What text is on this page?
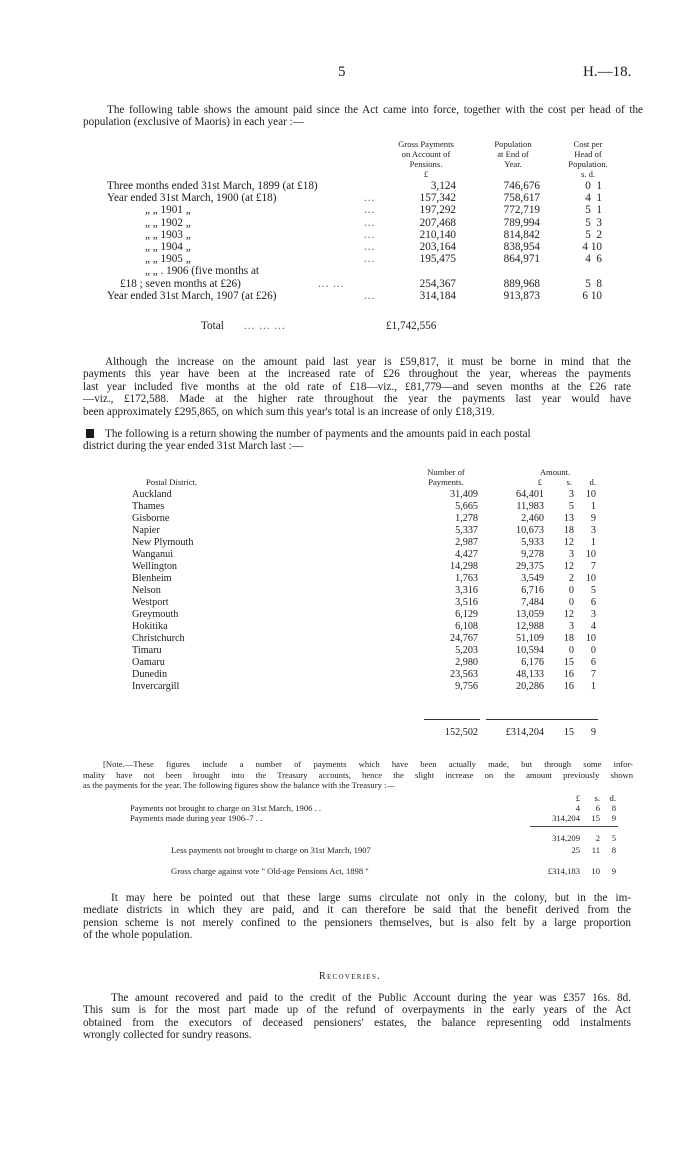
5	H.—18.
The following table shows the amount paid since the Act came into force, together with the cost per head of the population (exclusive of Maoris) in each year :—
Gross Payments
on Account of
Pensions.
£
Population
at End of
Year.
Cost per
Head of
Population.
s. d.
Three months ended 31st March, 1899 (at £18)	3,124	746,676	0  1
Year ended 31st March, 1900 (at £18)	...	157,342	758,617	4  1
„ „ 1901 „	...	197,292	772,719	5  1
„ „ 1902 „	...	207,468	789,994	5  3
„ „ 1903 „	...	210,140	814,842	5  2
„ „ 1904 „	...	203,164	838,954	4 10
„ „ 1905 „	...	195,475	864,971	4  6
„ „ . 1906 (five months at
£18 ; seven months at £26)	... ...	254,367	889,968	5  8
Year ended 31st March, 1907 (at £26)	...	314,184	913,873	6 10
Total ... ... ...	£1,742,556
Although the increase on the amount paid last year is £59,817, it must be borne in mind that the
payments this year have been at the increased rate of £26 throughout the year, whereas the payments
last year included five months at the old rate of £18—viz., £81,779—and seven months at the £26 rate
—viz., £172,588. Made at the higher rate throughout the year the payments last year would have
been approximately £295,865, on which sum this year's total is an increase of only £18,319.
The following is a return showing the number of payments and the amounts paid in each postal
district during the year ended 31st March last :—
Number of
Payments.
Postal District.
Amount.
£	s.	d.
Auckland	31,409	64,401	3	10
Thames	5,665	11,983	5	1
Gisborne	1,278	2,460	13	9
Napier	5,337	10,673	18	3
New Plymouth	2,987	5,933	12	1
Wanganui	4,427	9,278	3	10
Wellington	14,298	29,375	12	7
Blenheim	1,763	3,549	2	10
Nelson	3,316	6,716	0	5
Westport	3,516	7,484	0	6
Greymouth	6,129	13,059	12	3
Hokitika	6,108	12,988	3	4
Christchurch	24,767	51,109	18	10
Timaru	5,203	10,594	0	0
Oamaru	2,980	6,176	15	6
Dunedin	23,563	48,133	16	7
Invercargill	9,756	20,286	16	1
152,502	£314,204	15	9
[Note.—These figures include a number of payments which have been actually made, but through some infor-
mality have not been brought into the Treasury accounts, hence the slight increase on the amount previously shown
as the payments for the year. The following figures show the balance with the Treasury :—
£	s.	d.
Payments not brought to charge on 31st March, 1906 . .	4	6	8
Payments made during year 1906–7 . .	314,204	15	9
314,209	2	5
Less payments not brought to charge on 31st March, 1907	25	11	8
Gross charge against vote " Old-age Pensions Act, 1898 "	£314,183	10	9
It may here be pointed out that these large sums circulate not only in the colony, but in the im-
mediate districts in which they are paid, and it can therefore be said that the benefit derived from the
pension scheme is not merely confined to the pensioners themselves, but is also felt by a large proportion
of the whole population.
Recoveries.
The amount recovered and paid to the credit of the Public Account during the year was £357 16s. 8d.
This sum is for the most part made up of the refund of overpayments in the early years of the Act
obtained from the executors of deceased pensioners' estates, the balance representing odd instalments
wrongly collected for sundry reasons.
